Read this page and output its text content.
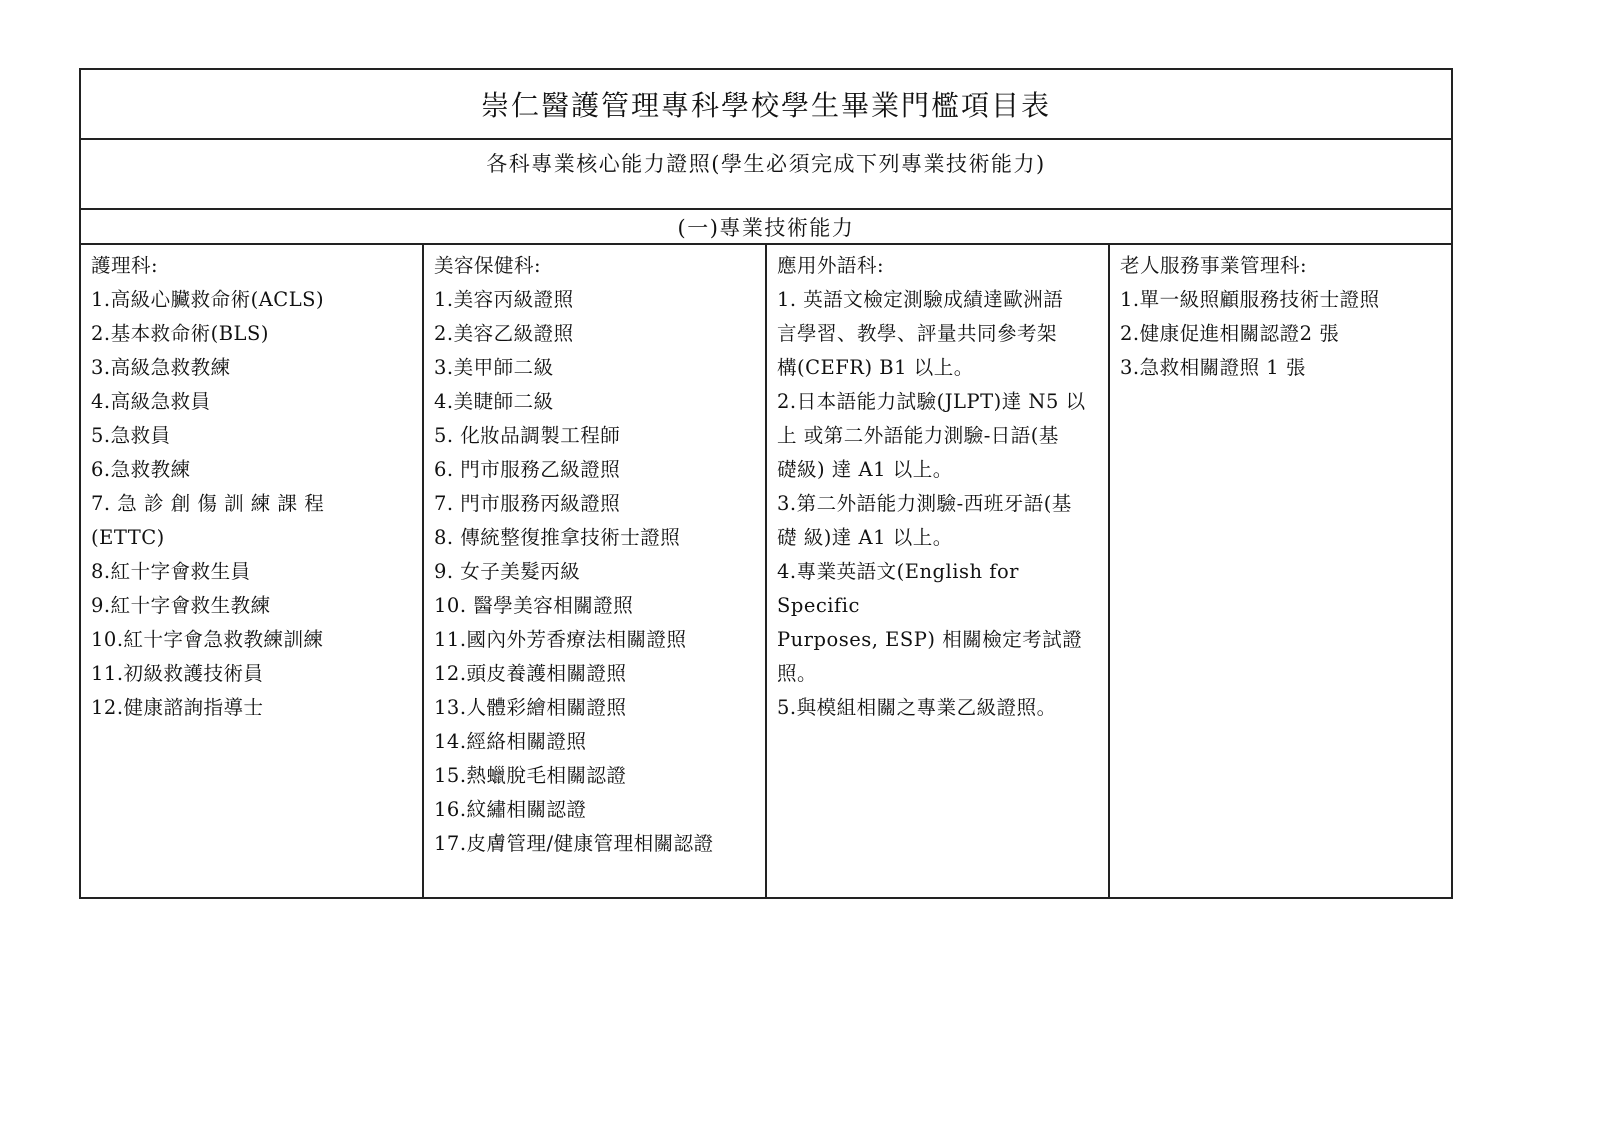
崇仁醫護管理專科學校學生畢業門檻項目表
各科專業核心能力證照(學生必須完成下列專業技術能力)
(一)專業技術能力
護理科:
1.高級心臟救命術(ACLS)
2.基本救命術(BLS)
3.高級急救教練
4.高級急救員
5.急救員
6.急救教練
7. 急 診 創 傷 訓 練 課 程 (ETTC)
8.紅十字會救生員
9.紅十字會救生教練
10.紅十字會急救教練訓練
11.初級救護技術員
12.健康諮詢指導士
美容保健科:
1.美容丙級證照
2.美容乙級證照
3.美甲師二級
4.美睫師二級
5. 化妝品調製工程師
6. 門市服務乙級證照
7. 門市服務丙級證照
8. 傳統整復推拿技術士證照
9. 女子美髮丙級
10. 醫學美容相關證照
11.國內外芳香療法相關證照
12.頭皮養護相關證照
13.人體彩繪相關證照
14.經絡相關證照
15.熱蠟脫毛相關認證
16.紋繡相關認證
17.皮膚管理/健康管理相關認證
應用外語科:
1. 英語文檢定測驗成績達歐洲語
言學習、教學、評量共同參考架
構(CEFR) B1 以上。
2.日本語能力試驗(JLPT)達 N5 以
上 或第二外語能力測驗-日語(基
礎級) 達 A1 以上。
3.第二外語能力測驗-西班牙語(基
礎 級)達 A1 以上。
4.專業英語文(English for Specific
Purposes, ESP) 相關檢定考試證
照。
5.與模組相關之專業乙級證照。
老人服務事業管理科:
1.單一級照顧服務技術士證照
2.健康促進相關認證2 張
3.急救相關證照 1 張
